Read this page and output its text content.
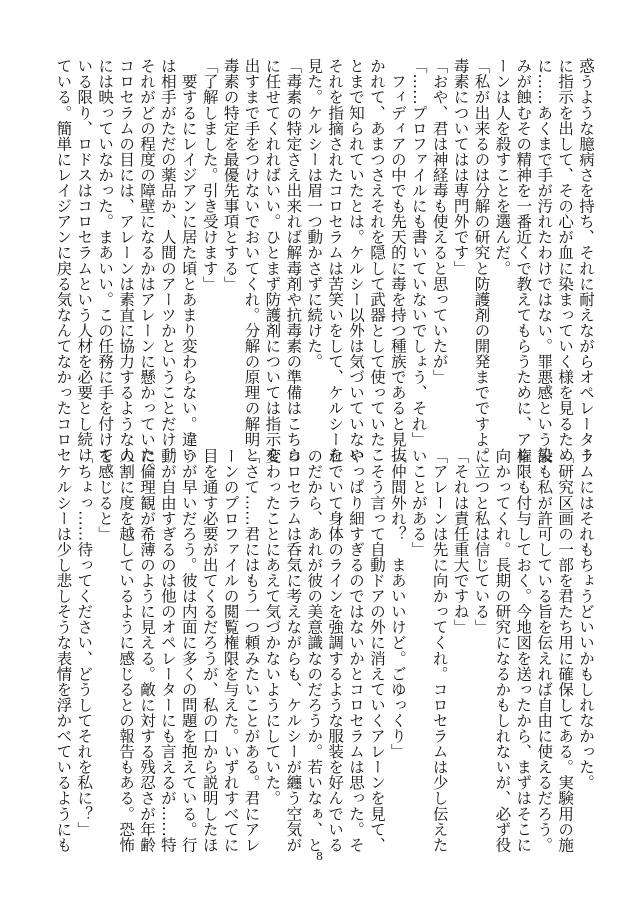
惑うような臆病さを持ち、それに耐えながらオペレーター
に指示を出して、その心が血に染まっていく様を見るため
に……あくまで手が汚れたわけではない。罪悪感という染
みが蝕むその精神を一番近くで教えてもらうために、アレ
ーンは人を殺すことを選んだ。
「私が出来るのは分解の研究と防護剤の開発までですよ。
毒素についてはは専門外です」
「おや、君は神経毒も使えると思っていたが」
「……プロファイルにも書いていないでしょう、それ」
　フィディアの中でも先天的に毒を持つ種族であると見抜
かれて、あまつさえそれを隠して武器として使っていたこ
とまで知られていたとは。ケルシー以外は気づいていない
それを指摘されたコロセラムは苦笑いをして、ケルシーを
見た。ケルシーは眉一つ動かさずに続けた。
「毒素の特定さえ出来れば解毒剤や抗毒素の準備はこちら
に任せてくれればいい。ひとまず防護剤については指示を
出すまで手をつけないでおいてくれ。分解の原理の解明と
毒素の特定を最優先事項とする」
「了解しました。引き受けます」
　要するにレイジアンに居た頃とあまり変わらない。違い
は相手がただの薬品か、人間のアーツかということだけ。
それがどの程度の障壁になるかはアレーンに懸かっていた。
コロセラムの目には、アレーンは素直に協力するような人
には映っていなかった。まあいい。この任務に手を付けて
いる限り、ロドスはコロセラムという人材を必要とし続け
ている。簡単にレイジアンに戻る気なんてなかったコロセ
ラムにはそれもちょうどいいかもしれなかった。
「研究区画の一部を君たち用に確保してある。実験用の施
設も私が許可している旨を伝えれば自由に使えるだろう。
権限も付与しておく。今地図を送ったから、まずはそこに
向かってくれ。長期の研究になるかもしれないが、必ず役
に立つと私は信じている」
「それは責任重大ですね」
「アレーンは先に向かってくれ。コロセラムは少し伝えた
いことがある」
「仲間外れ？　まあいいけど。ごゆっくり」
　そう言って自動ドアの外に消えていくアレーンを見て、
やっぱり細すぎるのではないかとコロセラムは思った。そ
れでいて身体のラインを強調するような服装を好んでいる
のだから、あれが彼の美意識なのだろうか。若いなぁ、と
コロセラムは呑気に考えながらも、ケルシーが纏う空気が
変わったことにあえて気づかないようにしていた。
「さて……君にはもう一つ頼みたいことがある。君にアレ
ーンのプロファイルの閲覧権限を与えた。いずれすべてに
目を通す必要が出てくるだろうが、私の口から説明したほ
うが早いだろう。彼は内面に多くの問題を抱えている。行
動が自由すぎるのは他のオペレーターにも言えるが……特
に倫理観が希薄のように見える。敵に対する残忍さが年齢
の割に度を越しているように感じるとの報告もある。恐怖
を感じると」
「ちょっ……待ってください、どうしてそれを私に？」
　ケルシーは少し悲しそうな表情を浮かべているようにも
8
